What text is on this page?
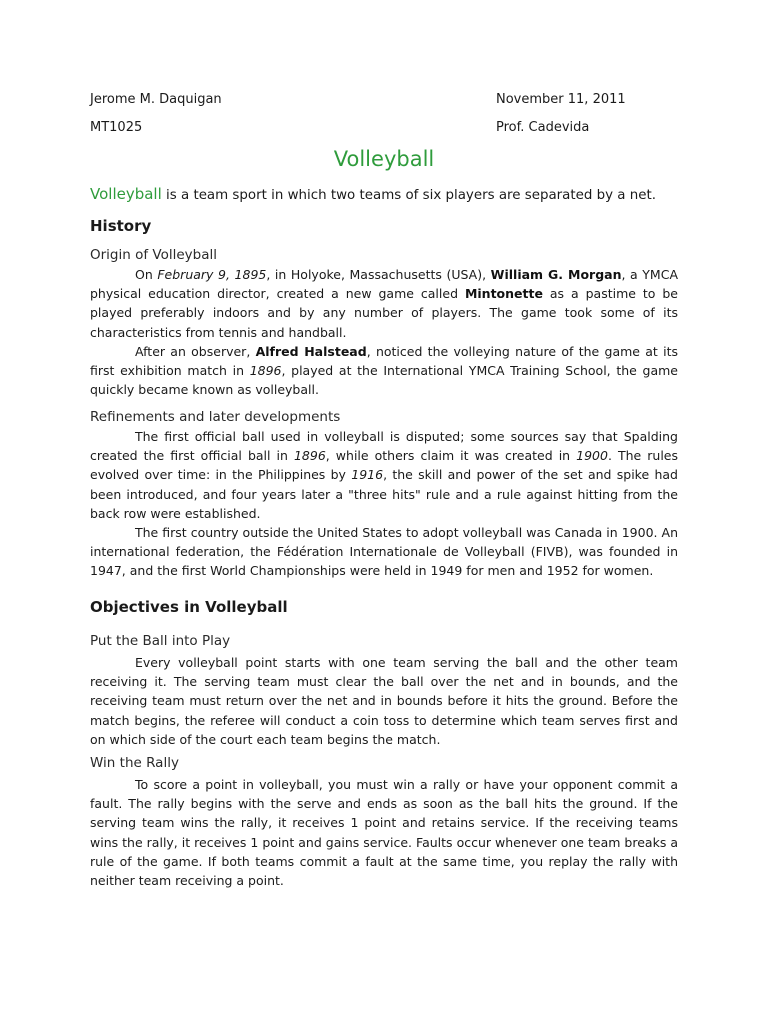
Jerome M. Daquigan	November 11, 2011
MT1025	Prof. Cadevida
Volleyball
Volleyball is a team sport in which two teams of six players are separated by a net.
History
Origin of Volleyball

On February 9, 1895, in Holyoke, Massachusetts (USA), William G. Morgan, a YMCA physical education director, created a new game called Mintonette as a pastime to be played preferably indoors and by any number of players. The game took some of its characteristics from tennis and handball.

After an observer, Alfred Halstead, noticed the volleying nature of the game at its first exhibition match in 1896, played at the International YMCA Training School, the game quickly became known as volleyball.

Refinements and later developments

The first official ball used in volleyball is disputed; some sources say that Spalding created the first official ball in 1896, while others claim it was created in 1900. The rules evolved over time: in the Philippines by 1916, the skill and power of the set and spike had been introduced, and four years later a "three hits" rule and a rule against hitting from the back row were established.

The first country outside the United States to adopt volleyball was Canada in 1900. An international federation, the Fédération Internationale de Volleyball (FIVB), was founded in 1947, and the first World Championships were held in 1949 for men and 1952 for women.

Objectives in Volleyball
Put the Ball into Play

Every volleyball point starts with one team serving the ball and the other team receiving it. The serving team must clear the ball over the net and in bounds, and the receiving team must return over the net and in bounds before it hits the ground. Before the match begins, the referee will conduct a coin toss to determine which team serves first and on which side of the court each team begins the match.

Win the Rally

To score a point in volleyball, you must win a rally or have your opponent commit a fault. The rally begins with the serve and ends as soon as the ball hits the ground. If the serving team wins the rally, it receives 1 point and retains service. If the receiving teams wins the rally, it receives 1 point and gains service. Faults occur whenever one team breaks a rule of the game. If both teams commit a fault at the same time, you replay the rally with neither team receiving a point.
